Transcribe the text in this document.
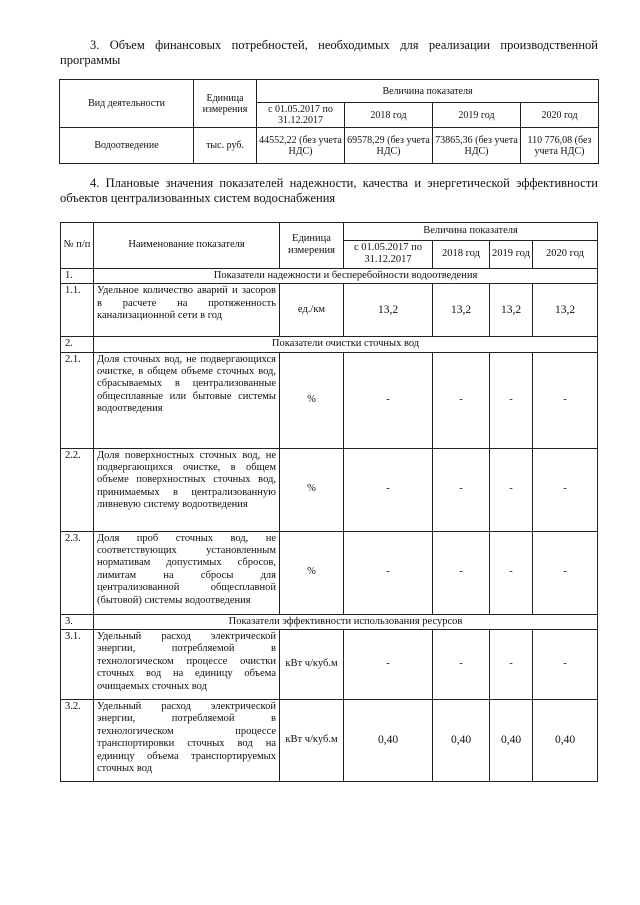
3. Объем финансовых потребностей, необходимых для реализации производственной программы
Вид деятельности	Единица измерения	Величина показателя			
		с 01.05.2017 по 31.12.2017	2018 год	2019 год	2020 год
Водоотведение	тыс. руб.	44552,22 (без учета НДС)	69578,29 (без учета НДС)	73865,36 (без учета НДС)	110 776,08 (без учета НДС)
4. Плановые значения показателей надежности, качества и энергетической эффективности объектов централизованных систем водоснабжения
№ п/п	Наименование показателя	Единица измерения	Величина показателя			
			с 01.05.2017 по 31.12.2017	2018 год	2019 год	2020 год
1.	Показатели надежности и бесперебойности водоотведения					
1.1.	Удельное количество аварий и засоров в расчете на протяженность канализационной сети в год	ед./км	13,2	13,2	13,2	13,2
2.	Показатели очистки сточных вод					
2.1.	Доля сточных вод, не подвергающихся очистке, в общем объеме сточных вод, сбрасываемых в централизованные общесплавные или бытовые системы водоотведения	%	-	-	-	-
2.2.	Доля поверхностных сточных вод, не подвергающихся очистке, в общем объеме поверхностных сточных вод, принимаемых в централизованную ливневую систему водоотведения	%	-	-	-	-
2.3.	Доля проб сточных вод, не соответствующих установленным нормативам допустимых сбросов, лимитам на сбросы для централизованной общесплавной (бытовой) системы водоотведения	%	-	-	-	-
3.	Показатели эффективности использования ресурсов					
3.1.	Удельный расход электрической энергии, потребляемой в технологическом процессе очистки сточных вод на единицу объема очищаемых сточных вод	кВт ч/куб.м	-	-	-	-
3.2.	Удельный расход электрической энергии, потребляемой в технологическом процессе транспортировки сточных вод на единицу объема транспортируемых сточных вод	кВт ч/куб.м	0,40	0,40	0,40	0,40
